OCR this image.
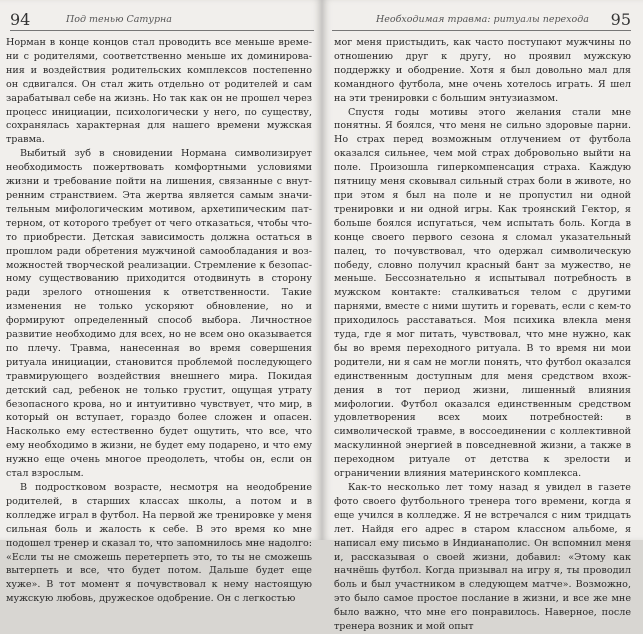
94	Под тенью Сатурна

Норман в конце концов стал проводить все меньше времени с родителями, соответственно меньше их доминирования и воздействия родительских комплексов постепенно он сдвигался. Он стал жить отдельно от родителей и сам зарабатывал себе на жизнь. Но так как он не прошел через процесс инициации, психологически у него, по существу, сохранялась характерная для нашего времени мужская травма.

Выбитый зуб в сновидении Нормана символизирует необходимость пожертвовать комфортными условиями жизни и требование пойти на лишения, связанные с внутренним странствием. Эта жертва является самым значительным мифологическим мотивом, архетипическим паттерном, от которого требует от чего отказаться, чтобы что-то приобрести. Детская зависимость должна остаться в прошлом ради обретения мужчиной самообладания и возможностей творческой реализации. Стремление к безопасному существованию приходится отодвинуть в сторону ради зрелого отношения к ответственности. Такие изменения не только ускоряют обновление, но и формируют определенный способ выбора. Личностное развитие необходимо для всех, но не всем оно оказывается по плечу. Травма, нанесенная во время совершения ритуала инициации, становится проблемой последующего травмирующего воздействия внешнего мира. Покидая детский сад, ребенок не только грустит, ощущая утрату безопасного крова, но и интуитивно чувствует, что мир, в который он вступает, гораздо более сложен и опасен. Насколько ему естественно будет ощутить, что все, что ему необходимо в жизни, не будет ему подарено, и что ему нужно еще очень многое преодолеть, чтобы он, если он стал взрослым.

В подростковом возрасте, несмотря на неодобрение родителей, в старших классах школы, а потом и в колледже играл в футбол. На первой же тренировке у меня сильная боль и жалость к себе. В это время ко мне подошел тренер и сказал то, что запомнилось мне надолго: «Если ты не сможешь перетерпеть это, то ты не сможешь вытерпеть и все, что будет потом. Дальше будет еще хуже». В тот момент я почувствовал к нему настоящую мужскую любовь, дружеское одобрение. Он с легкостью

Необходимая травма: ритуалы перехода 95

мог меня пристыдить, как часто поступают мужчины по отношению друг к другу, но проявил мужскую поддержку и ободрение. Хотя я был довольно мал для командного футбола, мне очень хотелось играть. Я шел на эти тренировки с большим энтузиазмом.

Спустя годы мотивы этого желания стали мне понятны. Я боялся, что меня не сильно здоровые парни. Но страх перед возможным отлучением от футбола оказался сильнее, чем мой страх добровольно выйти на поле. Произошла гиперкомпенсация страха. Каждую пятницу меня сковывал сильный страх боли в животе, но при этом я был на поле и не пропустил ни одной тренировки и ни одной игры. Как троянский Гектор, я больше боялся испугаться, чем испытать боль. Когда в конце своего первого сезона я сломал указательный палец, то почувствовал, что одержал символическую победу, словно получил красный бант за мужество, не меньше. Бессознательно я испытывал потребность в мужском контакте: сталкиваться телом с другими парнями, вместе с ними шутить и горевать, если с кем-то приходилось расставаться. Моя психика влекла меня туда, где я мог питать, чувствовал, что мне нужно, как бы во время переходного ритуала. В то время ни мои родители, ни я сам не могли понять, что футбол оказался единственным доступным для меня средством вхождения в тот период жизни, лишенный влияния мифологии. Футбол оказался единственным средством удовлетворения всех моих потребностей: в символической травме, в воссоединении с коллективной маскулинной энергией в повседневной жизни, а также в переходном ритуале от детства к зрелости и ограничении влияния материнского комплекса.

Как-то несколько лет тому назад я увидел в газете фото своего футбольного тренера того времени, когда я еще учился в колледже. Я не встречался с ним тридцать лет. Найдя его адрес в старом классном альбоме, я написал ему письмо в Индианаполис. Он вспомнил меня и, рассказывая о своей жизни, добавил: «Этому как начнёшь футбол. Когда призывал на игру я, ты проводил боль и был участником в следующем матче». Возможно, это было самое простое послание в жизни, и все же мне было важно, что мне его понравилось. Наверное, после тренера возник и мой опыт
